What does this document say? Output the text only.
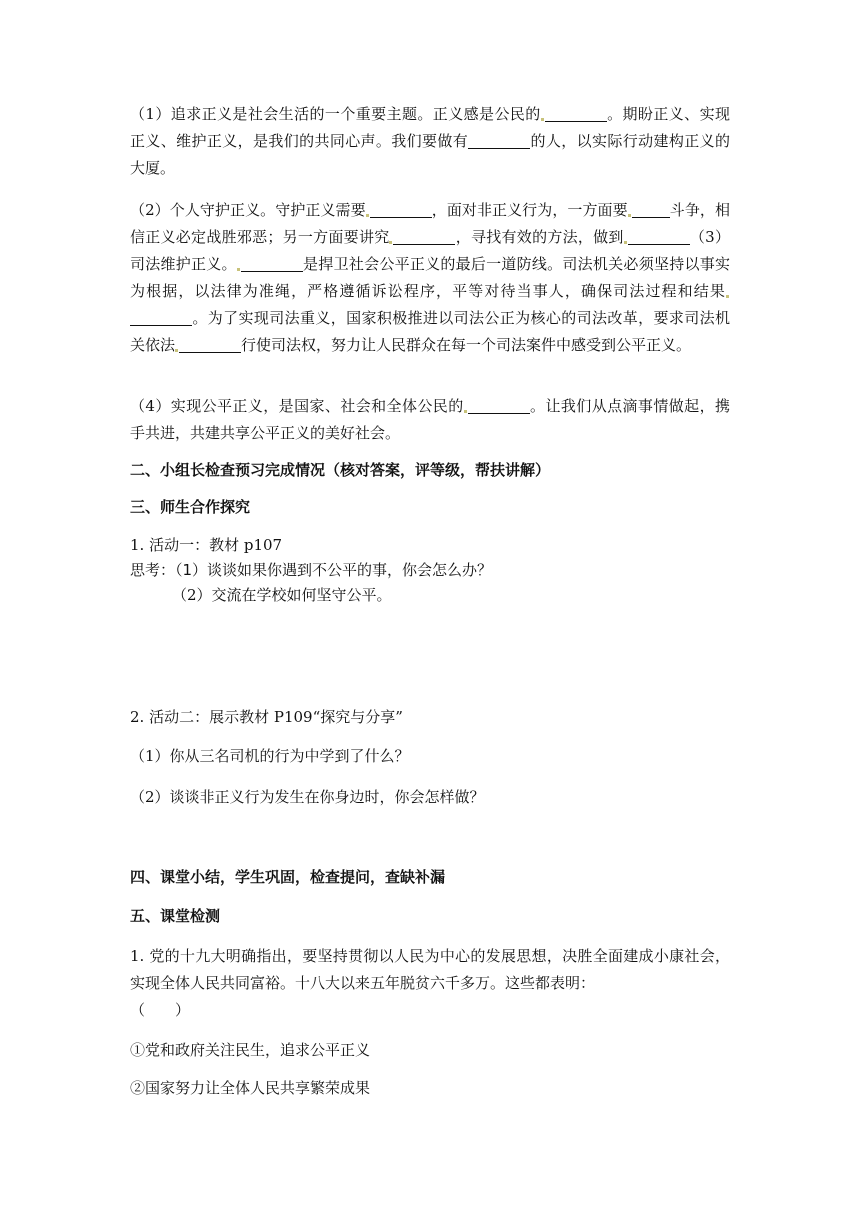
（1）追求正义是社会生活的一个重要主题。正义感是公民的	。期盼正义、实现正义、维护正义，是我们的共同心声。我们要做有	的人，以实际行动建构正义的大厦。
（2）个人守护正义。守护正义需要	，面对非正义行为，一方面要	斗争，相信正义必定战胜邪恶；另一方面要讲究	，寻找有效的方法，做到	（3）司法维护正义。	是捍卫社会公平正义的最后一道防线。司法机关必须坚持以事实为根据，以法律为准绳，严格遵循诉讼程序，平等对待当事人，确保司法过程和结果。为了实现司法重义，国家积极推进以司法公正为核心的司法改革，要求司法机关依法	行使司法权，努力让人民群众在每一个司法案件中感受到公平正义。
（4）实现公平正义，是国家、社会和全体公民的	。让我们从点滴事情做起，携手共进，共建共享公平正义的美好社会。
二、小组长检查预习完成情况（核对答案，评等级，帮扶讲解）
三、师生合作探究
1. 活动一：教材 p107
思考：（1）谈谈如果你遇到不公平的事，你会怎么办？
（2）交流在学校如何坚守公平。
2. 活动二：展示教材 P109“探究与分享”
（1）你从三名司机的行为中学到了什么？
（2）谈谈非正义行为发生在你身边时，你会怎样做？
四、课堂小结，学生巩固，检查提问，查缺补漏
五、课堂检测
1. 党的十九大明确指出，要坚持贯彻以人民为中心的发展思想，决胜全面建成小康社会，实现全体人民共同富裕。十八大以来五年脱贫六千多万。这些都表明：
（　　）
①党和政府关注民生，追求公平正义
②国家努力让全体人民共享繁荣成果
